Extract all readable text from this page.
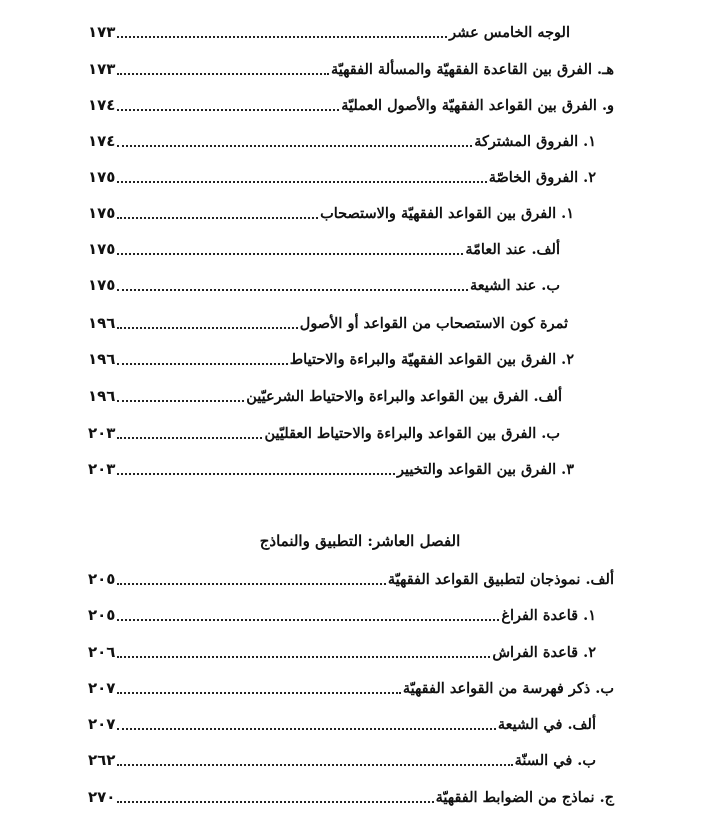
الوجه الخامس عشر
١٧٣
هـ. الفرق بين القاعدة الفقهيّة والمسألة الفقهيّة
١٧٣
و. الفرق بين القواعد الفقهيّة والأصول العمليّة
١٧٤
١. الفروق المشتركة
١٧٤
٢. الفروق الخاصّة
١٧٥
١. الفرق بين القواعد الفقهيّة والاستصحاب
١٧٥
ألف. عند العامّة
١٧٥
ب. عند الشيعة
١٧٥
ثمرة كون الاستصحاب من القواعد أو الأصول
١٩٦
٢. الفرق بين القواعد الفقهيّة والبراءة والاحتياط
١٩٦
ألف. الفرق بين القواعد والبراءة والاحتياط الشرعيّين
١٩٦
ب. الفرق بين القواعد والبراءة والاحتياط العقليّين
٢٠٣
٣. الفرق بين القواعد والتخيير
٢٠٣
الفصل العاشر: التطبيق والنماذج
ألف. نموذجان لتطبيق القواعد الفقهيّة
٢٠٥
١. قاعدة الفراغ
٢٠٥
٢. قاعدة الفراش
٢٠٦
ب. ذكر فهرسة من القواعد الفقهيّة
٢٠٧
ألف. في الشيعة
٢٠٧
ب. في السنّة
٢٦٢
ج. نماذج من الضوابط الفقهيّة
٢٧٠
